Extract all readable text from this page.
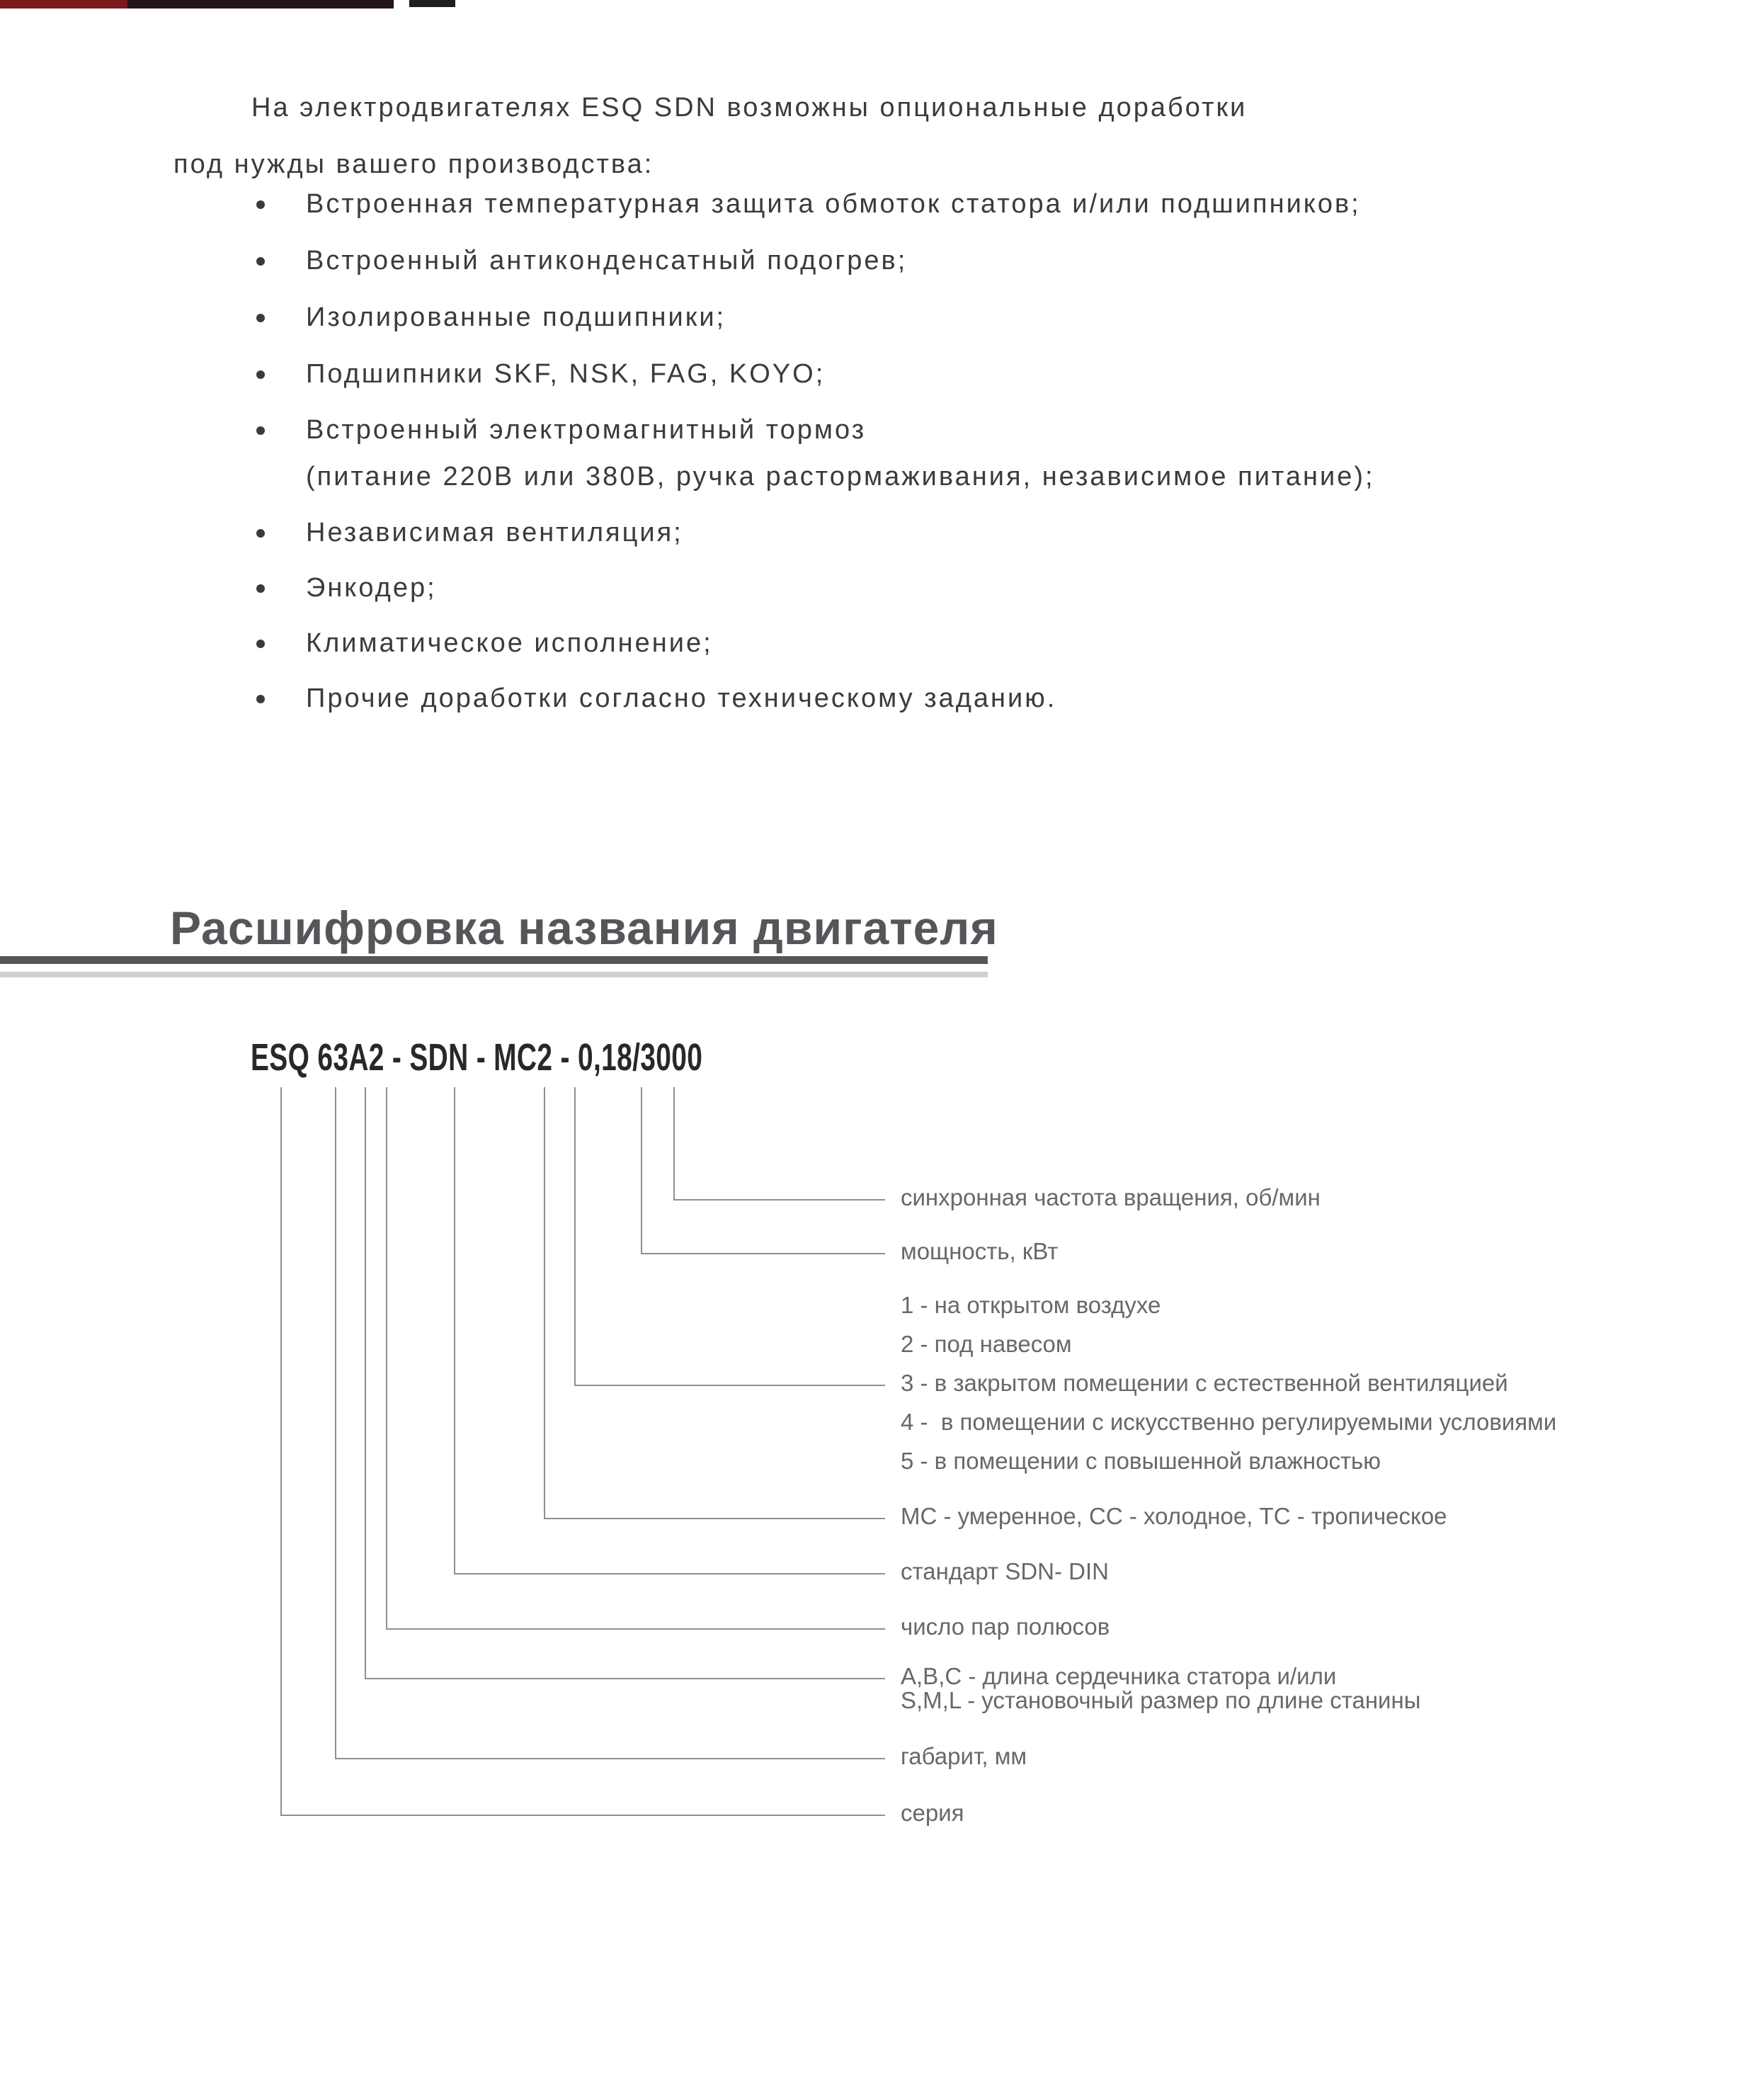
На электродвигателях ESQ SDN возможны опциональные доработки
под нужды вашего производства:
Встроенная температурная защита обмоток статора и/или подшипников;
Встроенный антиконденсатный подогрев;
Изолированные подшипники;
Подшипники SKF, NSK, FAG, KOYO;
Встроенный электромагнитный тормоз
(питание 220В или 380В, ручка растормаживания, независимое питание);
Независимая вентиляция;
Энкодер;
Климатическое исполнение;
Прочие доработки согласно техническому заданию.
Расшифровка названия двигателя
ESQ 63A2 - SDN - MC2 - 0,18/3000
синхронная частота вращения, об/мин
мощность, кВт
1 - на открытом воздухе
2 - под навесом
3 - в закрытом помещении с естественной вентиляцией
4 -  в помещении с искусственно регулируемыми условиями
5 - в помещении с повышенной влажностью
МС - умеренное, СС - холодное, ТС - тропическое
стандарт SDN- DIN
число пар полюсов
A,B,C - длина сердечника статора и/или
S,M,L - установочный размер по длине станины
габарит, мм
серия
